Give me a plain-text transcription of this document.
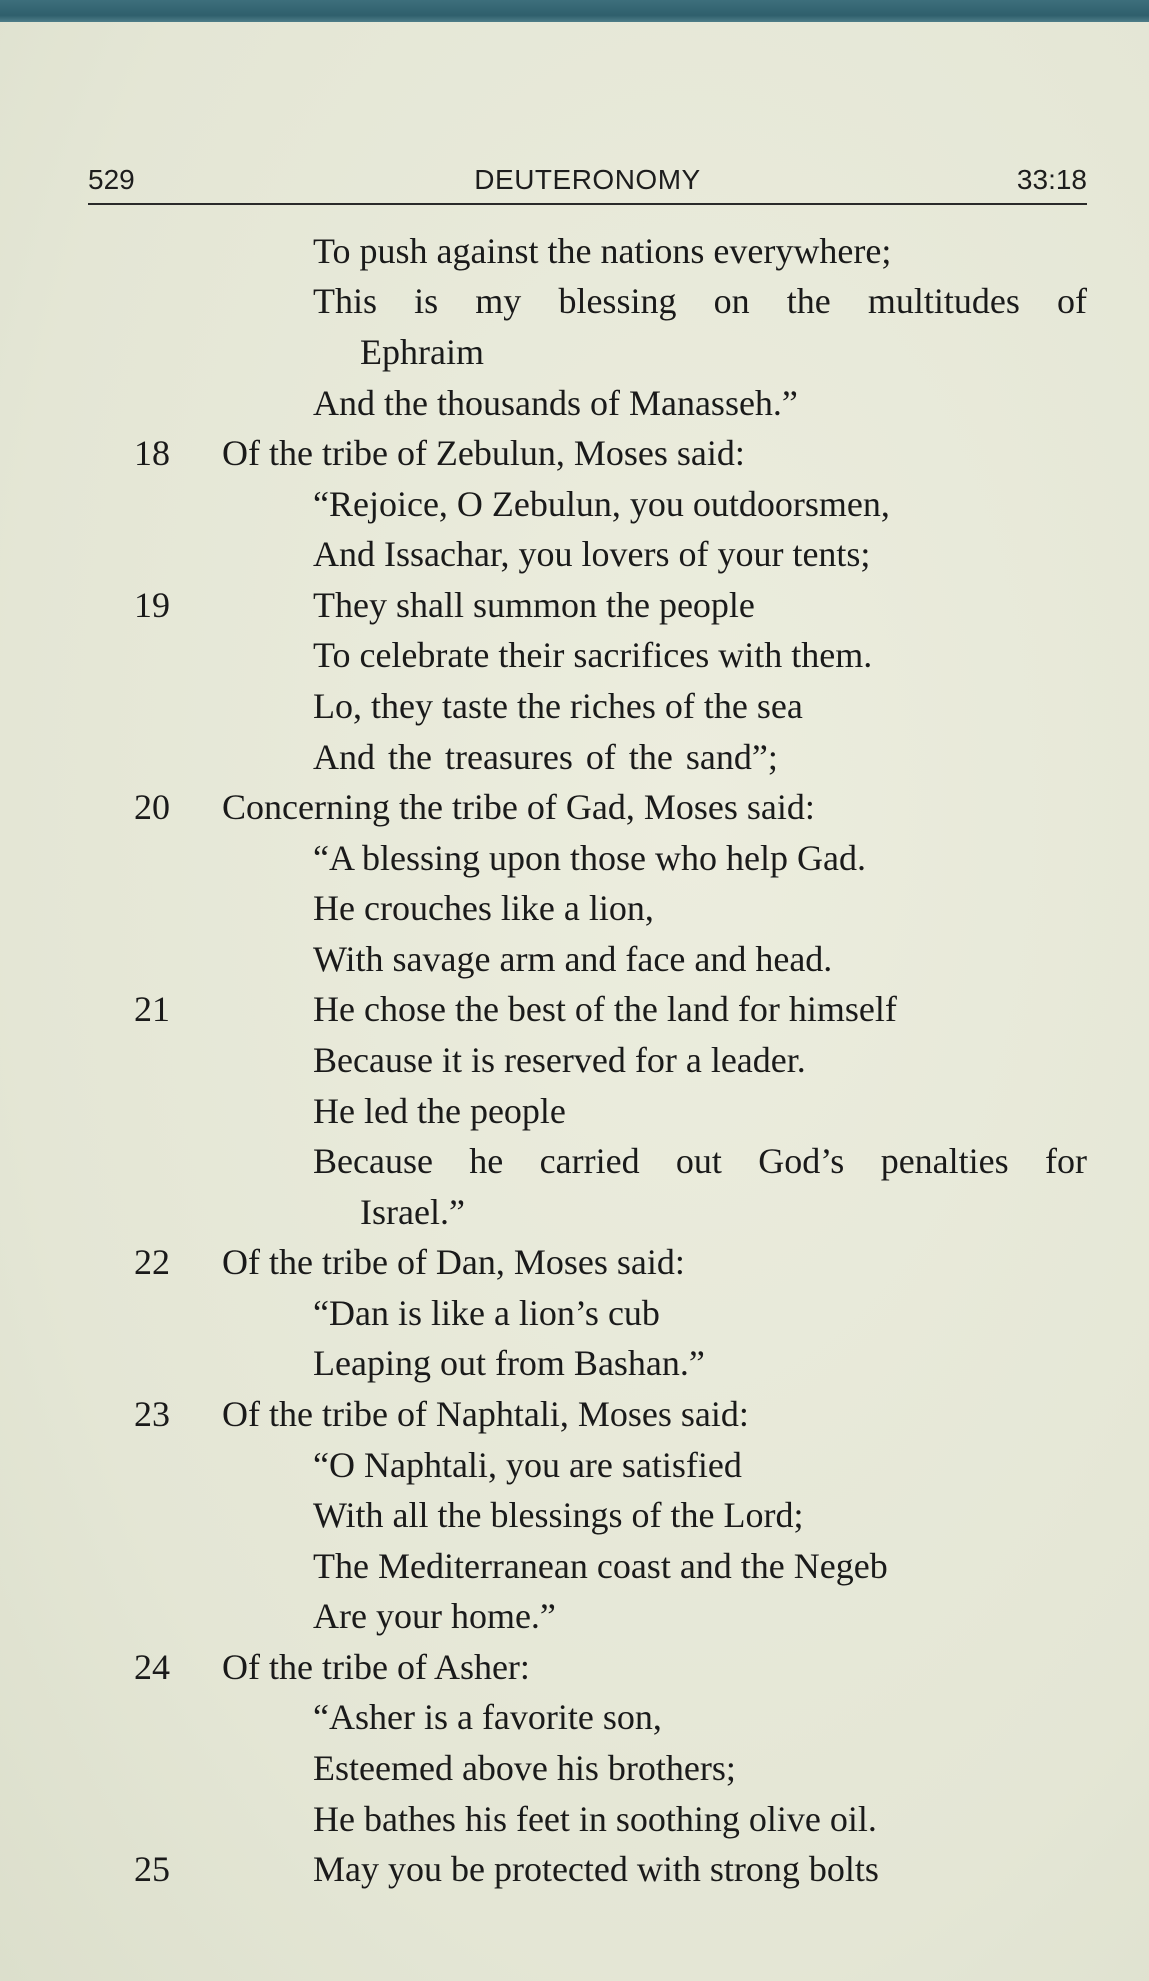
529	DEUTERONOMY	33:18
To push against the nations everywhere;
This is my blessing on the multitudes of
Ephraim
And the thousands of Manasseh.”
18 Of the tribe of Zebulun, Moses said:
“Rejoice, O Zebulun, you outdoorsmen,
And Issachar, you lovers of your tents;
19	They shall summon the people
To celebrate their sacrifices with them.
Lo, they taste the riches of the sea
And the treasures of the sand”;
20 Concerning the tribe of Gad, Moses said:
“A blessing upon those who help Gad.
He crouches like a lion,
With savage arm and face and head.
21	He chose the best of the land for himself
Because it is reserved for a leader.
He led the people
Because he carried out God’s penalties for
Israel.”
22 Of the tribe of Dan, Moses said:
“Dan is like a lion’s cub
Leaping out from Bashan.”
23 Of the tribe of Naphtali, Moses said:
“O Naphtali, you are satisfied
With all the blessings of the Lord;
The Mediterranean coast and the Negeb
Are your home.”
24 Of the tribe of Asher:
“Asher is a favorite son,
Esteemed above his brothers;
He bathes his feet in soothing olive oil.
25	May you be protected with strong bolts
